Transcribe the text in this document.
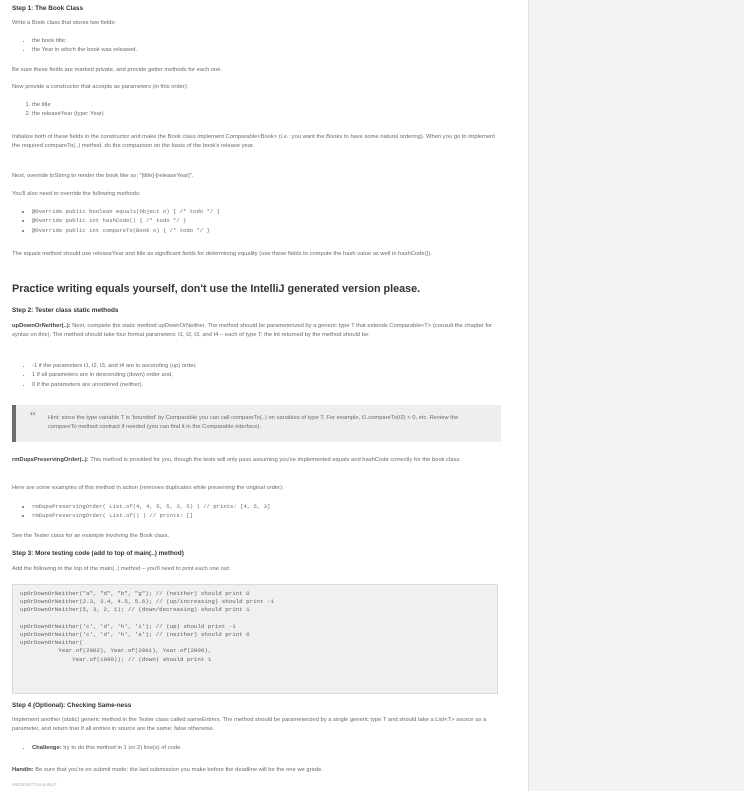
Step 1: The Book Class
Write a Book class that stores two fields:
• the book title;
• the Year in which the book was released.
Be sure these fields are marked private, and provide getter methods for each one.
Now provide a constructor that accepts as parameters (in this order):
1. the title
2. the releaseYear (type: Year)
Initialize both of these fields in the constructor and make the Book class implement Comparable<Book> (i.e.: you want the Books to have some natural ordering). When you go to implement the required compareTo(..) method, do the comparison on the basis of the book's release year.
Next, override toString to render the book like so: "[title]-[releaseYear]".
You'll also need to override the following methods:
• @Override public boolean equals(Object o) { /* todo */ }
• @Override public int hashCode() { /* todo */ }
• @Override public int compareTo(Book o) { /* todo */ }
The equals method should use releaseYear and title as significant fields for determining equality (use these fields to compute the hash value as well in hashCode()).
Practice writing equals yourself, don't use the IntelliJ generated version please.
Step 2: Tester class static methods
upDownOrNeither(..): Next, complete the static method upDownOrNeither. The method should be parameterized by a generic type T that extends Comparable<T> (consult the chapter for syntax on this). The method should take four formal parameters: t1, t2, t3, and t4 – each of type T; the int returned by the method should be:
• -1 if the parameters t1, t2, t3, and t4 are in ascending (up) order,
• 1 if all parameters are in descending (down) order and,
• 0 if the parameters are unordered (neither).
“ Hint: since the type variable T is 'bounded' by Comparable you can call compareTo(..) on variables of type T. For example, t1.compareTo(t2) < 0, etc. Review the compareTo method contract if needed (you can find it in the Comparable interface).
rmDupsPreservingOrder(..): This method is provided for you, though the tests will only pass assuming you've implemented equals and hashCode correctly for the book class.
Here are some examples of this method in action (removes duplicates while preserving the original order):
• rmDupsPreservingOrder( List.of(4, 4, 5, 5, 3, 5) ) // prints: [4, 5, 3]
• rmDupsPreservingOrder( List.of() ) // prints: []
See the Tester class for an example involving the Book class.
Step 3: More testing code (add to top of main(..) method)
Add the following to the top of the main(..) method – you'll need to print each one out:
upOrDownOrNeither("a", "d", "b", "g"); // (neither) should print 0
upOrDownOrNeither(2.3, 3.4, 4.5, 5.6); // (up/increasing) should print -1
upOrDownOrNeither(5, 3, 2, 1); // (down/decreasing) should print 1

upOrDownOrNeither('c', 'd', 'h', 'i'); // (up) should print -1
upOrDownOrNeither('c', 'd', 'h', 'a'); // (neither) should print 0
upOrDownOrNeither(
Year.of(2002), Year.of(2001), Year.of(2000),
Year.of(1990)); // (down) should print 1
Step 4 (Optional): Checking Same-ness
Implement another (static) generic method in the Tester class called sameEntries. The method should be parameterized by a single generic type T and should take a List<T> source as a parameter, and return true if all entries in source are the same; false otherwise.
• Challenge: try to do this method in 1 (or 2) line(s) of code.
Handin: Be sure that you're on submit mode; the last submission you make before the deadline will be the one we grade.
493281897744-policy7
